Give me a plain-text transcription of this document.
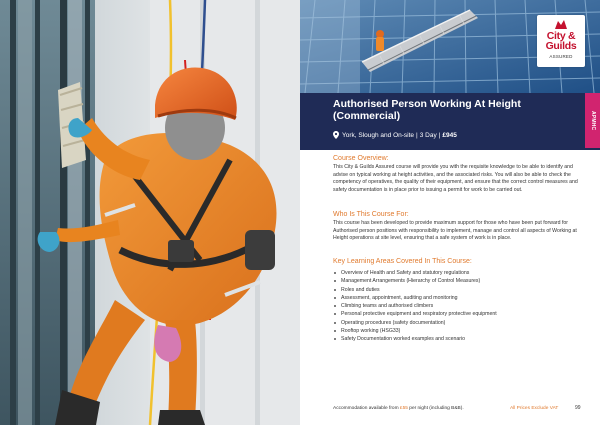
City & Guilds
ASSURED
Authorised Person Working At Height (Commercial)
York, Slough and On-site | 3 Day | £945
APMHC
Course Overview:
This City & Guilds Assured course will provide you with the requisite knowledge to be able to identify and advise on typical working at height activities, and the associated risks. You will also be able to check the competency of operatives, the quality of their equipment, and ensure that the correct control measures and safety documentation is in place prior to issuing a permit for work to be carried out.
Who Is This Course For:
This course has been developed to provide maximum support for those who have been put forward for Authorised person positions with responsibility to implement, manage and control all aspects of Working at Height operations at site level, ensuring that a safe system of work is in place.
Key Learning Areas Covered In This Course:
Overview of Health and Safety and statutory regulations
Management Arrangements (Hierarchy of Control Measures)
Roles and duties
Assessment, appointment, auditing and monitoring
Climbing teams and authorised climbers
Personal protective equipment and respiratory protective equipment
Operating procedures (safety documentation)
Rooftop working (HSG33)
Safety Documentation worked examples and scenario
Accommodation available from £55 per night (including B&B).	All Prices Exclude VAT	99
